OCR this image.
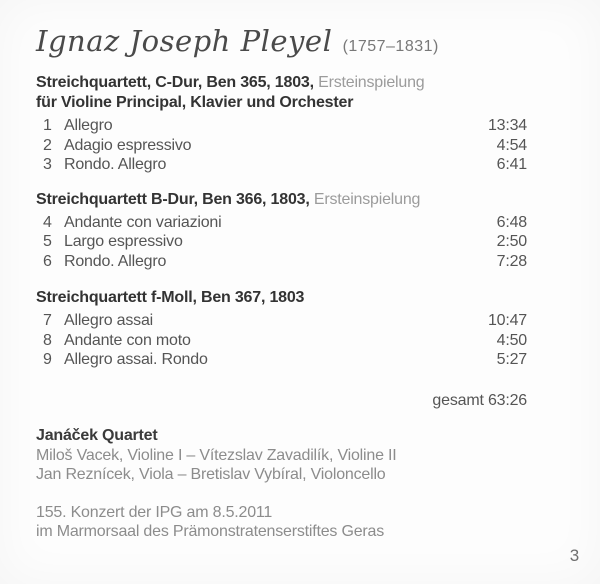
Ignaz Joseph Pleyel (1757–1831)

Streichquartett, C-Dur, Ben 365, 1803, Ersteinspielung

für Violine Principal, Klavier und Orchester

1 Allegro	13:34
2 Adagio espressivo	4:54
3 Rondo. Allegro	6:41

Streichquartett B-Dur, Ben 366, 1803, Ersteinspielung

4 Andante con variazioni	6:48
5 Largo espressivo	2:50
6 Rondo. Allegro	7:28

Streichquartett f-Moll, Ben 367, 1803

7 Allegro assai	10:47
8 Andante con moto	4:50
9 Allegro assai. Rondo	5:27
gesamt 63:26

Janáček Quartet

Miloš Vacek, Violine I – Vítezslav Zavadilík, Violine II

Jan Reznícek, Viola – Bretislav Vybíral, Violoncello

155. Konzert der IPG am 8.5.2011

im Marmorsaal des Prämonstratenserstiftes Geras

3
